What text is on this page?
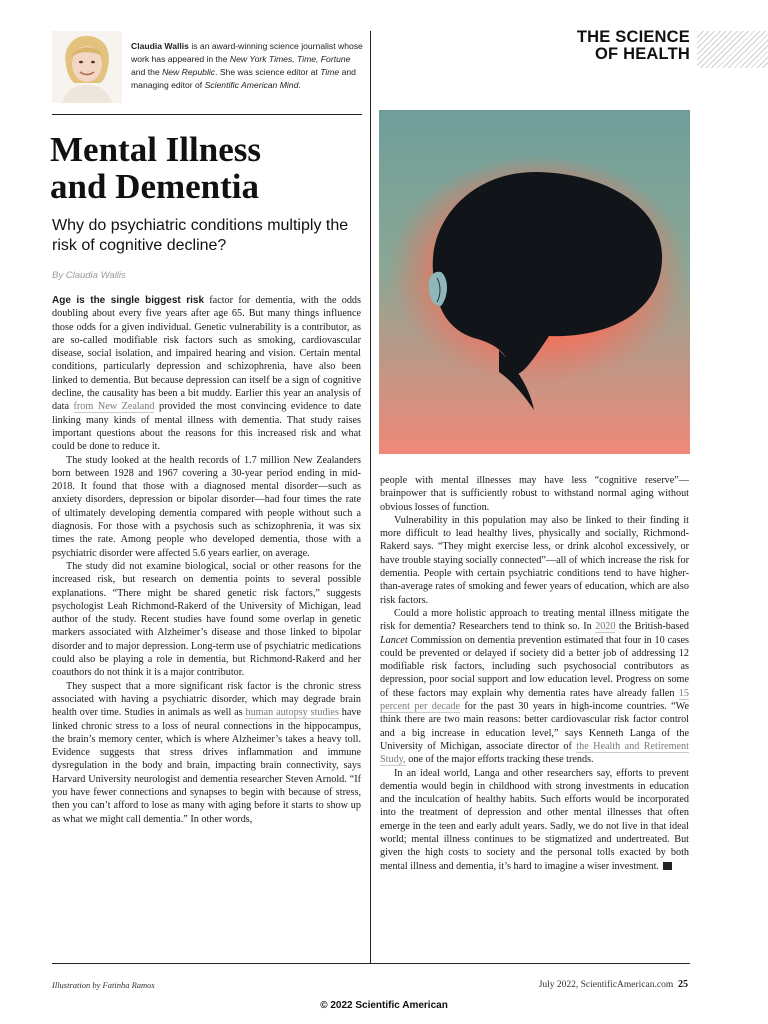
Claudia Wallis is an award-winning science journalist whose work has appeared in the New York Times, Time, Fortune and the New Republic. She was science editor at Time and managing editor of Scientific American Mind.
THE SCIENCE
OF HEALTH
Mental Illness
and Dementia
Why do psychiatric conditions multiply the risk of cognitive decline?
By Claudia Wallis

Age is the single biggest risk factor for dementia, with the odds doubling about every five years after age 65. But many things influence those odds for a given individual. Genetic vulnerability is a contributor, as are so-called modifiable risk factors such as smoking, cardiovascular disease, social isolation, and impaired hearing and vision. Certain mental conditions, particularly depression and schizophrenia, have also been linked to dementia. But because depression can itself be a sign of cognitive decline, the causality has been a bit muddy. Earlier this year an analysis of data from New Zealand provided the most convincing evidence to date linking many kinds of mental illness with dementia. That study raises important questions about the reasons for this increased risk and what could be done to reduce it.

The study looked at the health records of 1.7 million New Zealanders born between 1928 and 1967 covering a 30-year period ending in mid-2018. It found that those with a diagnosed mental disorder—such as anxiety disorders, depression or bipolar disorder—had four times the rate of ultimately developing dementia compared with people without such a diagnosis. For those with a psychosis such as schizophrenia, it was six times the rate. Among people who developed dementia, those with a psychiatric disorder were affected 5.6 years earlier, on average.

The study did not examine biological, social or other reasons for the increased risk, but research on dementia points to several possible explanations. “There might be shared genetic risk factors,” suggests psychologist Leah Richmond-Rakerd of the University of Michigan, lead author of the study. Recent studies have found some overlap in genetic markers associated with Alzheimer’s disease and those linked to bipolar disorder and to major depression. Long-term use of psychiatric medications could also be playing a role in dementia, but Richmond-Rakerd and her coauthors do not think it is a major contributor.

They suspect that a more significant risk factor is the chronic stress associated with having a psychiatric disorder, which may degrade brain health over time. Studies in animals as well as human autopsy studies have linked chronic stress to a loss of neural connections in the hippocampus, the brain’s memory center, which is where Alzheimer’s takes a heavy toll. Evidence suggests that stress drives inflammation and immune dysregulation in the body and brain, impacting brain connectivity, says Harvard University neurologist and dementia researcher Steven Arnold. “If you have fewer connections and synapses to begin with because of stress, then you can’t afford to lose as many with aging before it starts to show up as what we might call dementia.” In other words,

people with mental illnesses may have less “cognitive reserve”—brainpower that is sufficiently robust to withstand normal aging without obvious losses of function.

Vulnerability in this population may also be linked to their finding it more difficult to lead healthy lives, physically and socially, Richmond-Rakerd says. “They might exercise less, or drink alcohol excessively, or have trouble staying socially connected”—all of which increase the risk for dementia. People with certain psychiatric conditions tend to have higher-than-average rates of smoking and fewer years of education, which are also risk factors.

Could a more holistic approach to treating mental illness mitigate the risk for dementia? Researchers tend to think so. In 2020 the British-based Lancet Commission on dementia prevention estimated that four in 10 cases could be prevented or delayed if society did a better job of addressing 12 modifiable risk factors, including such psychosocial contributors as depression, poor social support and low education level. Progress on some of these factors may explain why dementia rates have already fallen 15 percent per decade for the past 30 years in high-income countries. “We think there are two main reasons: better cardiovascular risk factor control and a big increase in education level,” says Kenneth Langa of the University of Michigan, associate director of the Health and Retirement Study, one of the major efforts tracking these trends.

In an ideal world, Langa and other researchers say, efforts to prevent dementia would begin in childhood with strong investments in education and the inculcation of healthy habits. Such efforts would be incorporated into the treatment of depression and other mental illnesses that often emerge in the teen and early adult years. Sadly, we do not live in that ideal world; mental illness continues to be stigmatized and undertreated. But given the high costs to society and the personal tolls exacted by both mental illness and dementia, it’s hard to imagine a wiser investment.

Illustration by Fatinha Ramos	July 2022, ScientificAmerican.com 25
© 2022 Scientific American
